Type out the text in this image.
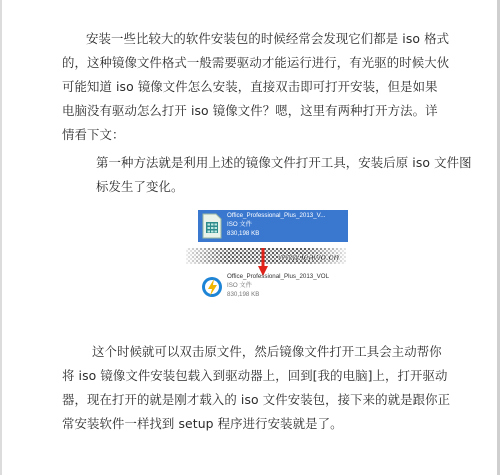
安装一些比较大的软件安装包的时候经常会发现它们都是 iso 格式的，这种镜像文件格式一般需要驱动才能运行进行，有光驱的时候大伙可能知道 iso 镜像文件怎么安装，直接双击即可打开安装，但是如果电脑没有驱动怎么打开 iso 镜像文件？嗯，这里有两种打开方法。详情看下文：

第一种方法就是利用上述的镜像文件打开工具，安装后原 iso 文件图标发生了变化。

Office_Professional_Plus_2013_V...
ISO 文件
830,198 KB
www.leawo.cn
Office_Professional_Plus_2013_VOL
ISO 文件
830,198 KB

这个时候就可以双击原文件，然后镜像文件打开工具会主动帮你将 iso 镜像文件安装包载入到驱动器上，回到[我的电脑]上，打开驱动器，现在打开的就是刚才载入的 iso 文件安装包，接下来的就是跟你正常安装软件一样找到 setup 程序进行安装就是了。
